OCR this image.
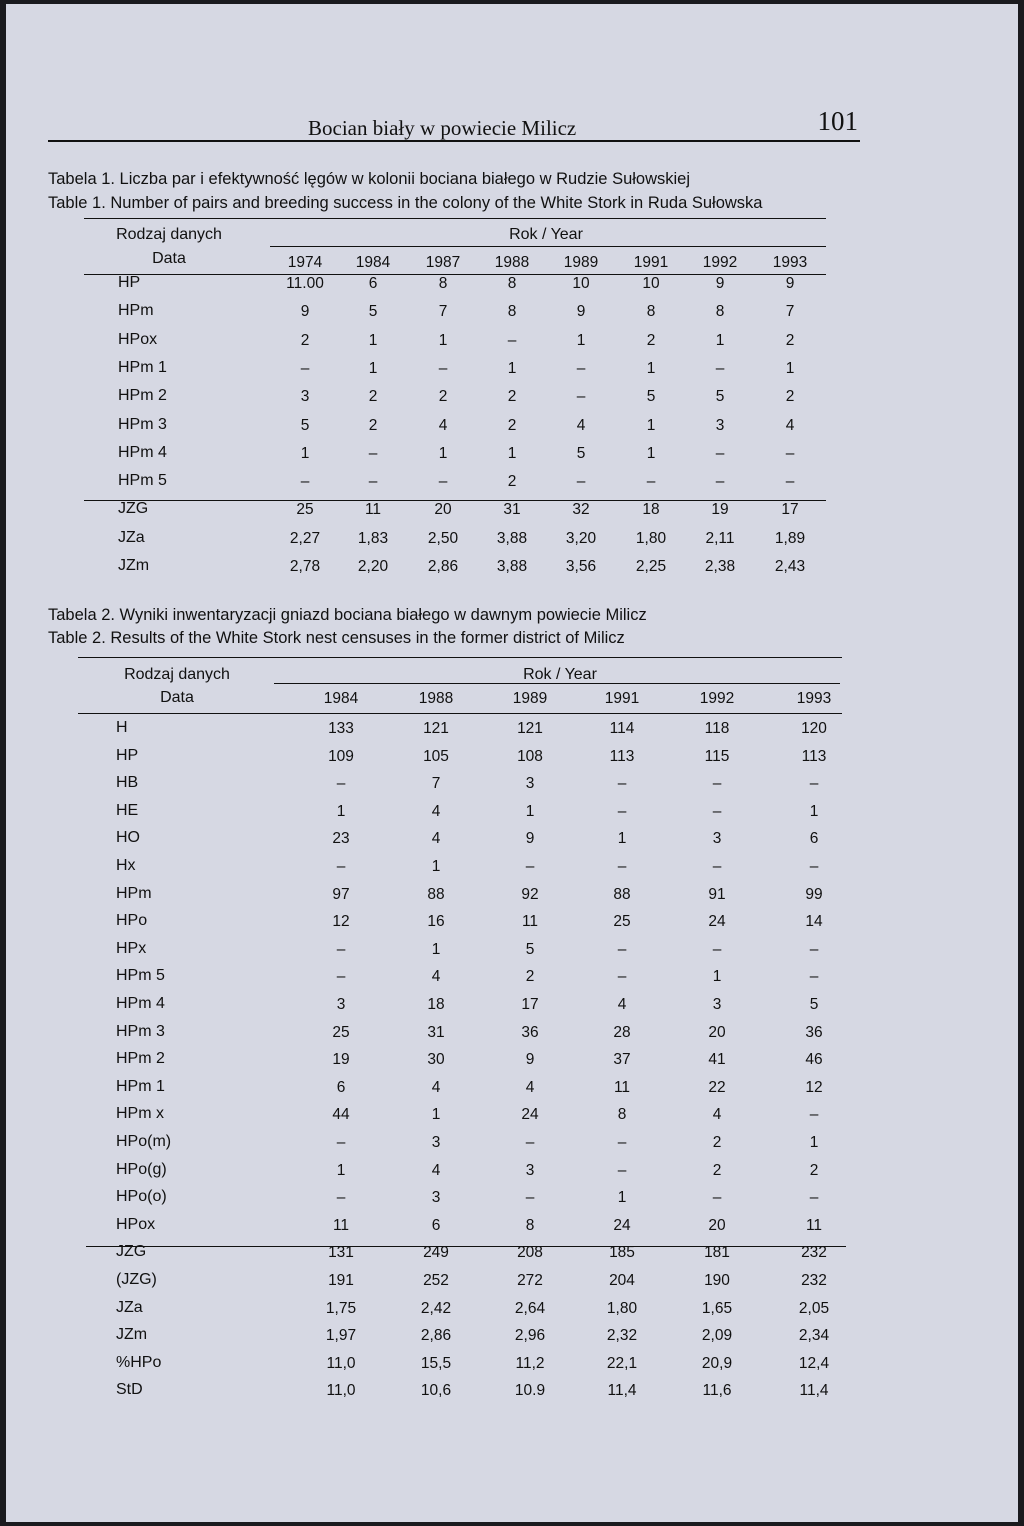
Bocian biały w powiecie Milicz	101
Tabela 1. Liczba par i efektywność lęgów w kolonii bociana białego w Rudzie Sułowskiej
Table 1. Number of pairs and breeding success in the colony of the White Stork in Ruda Sułowska
Rodzaj danych
Data
Rok / Year
1974	1984	1987	1988	1989	1991	1992	1993
HP	11.00	6	8	8	10	10	9	9
HPm	9	5	7	8	9	8	8	7
HPox	2	1	1	–	1	2	1	2
HPm 1	–	1	–	1	–	1	–	1
HPm 2	3	2	2	2	–	5	5	2
HPm 3	5	2	4	2	4	1	3	4
HPm 4	1	–	1	1	5	1	–	–
HPm 5	–	–	–	2	–	–	–	–
JZG	25	11	20	31	32	18	19	17
JZa	2,27	1,83	2,50	3,88	3,20	1,80	2,11	1,89
JZm	2,78	2,20	2,86	3,88	3,56	2,25	2,38	2,43
Tabela 2. Wyniki inwentaryzacji gniazd bociana białego w dawnym powiecie Milicz
Table 2. Results of the White Stork nest censuses in the former district of Milicz
Rodzaj danych
Data
Rok / Year
1984	1988	1989	1991	1992	1993
H	133	121	121	114	118	120
HP	109	105	108	113	115	113
HB	–	7	3	–	–	–
HE	1	4	1	–	–	1
HO	23	4	9	1	3	6
Hx	–	1	–	–	–	–
HPm	97	88	92	88	91	99
HPo	12	16	11	25	24	14
HPx	–	1	5	–	–	–
HPm 5	–	4	2	–	1	–
HPm 4	3	18	17	4	3	5
HPm 3	25	31	36	28	20	36
HPm 2	19	30	9	37	41	46
HPm 1	6	4	4	11	22	12
HPm x	44	1	24	8	4	–
HPo(m)	–	3	–	–	2	1
HPo(g)	1	4	3	–	2	2
HPo(o)	–	3	–	1	–	–
HPox	11	6	8	24	20	11
JZG	131	249	208	185	181	232
(JZG)	191	252	272	204	190	232
JZa	1,75	2,42	2,64	1,80	1,65	2,05
JZm	1,97	2,86	2,96	2,32	2,09	2,34
%HPo	11,0	15,5	11,2	22,1	20,9	12,4
StD	11,0	10,6	10.9	11,4	11,6	11,4
